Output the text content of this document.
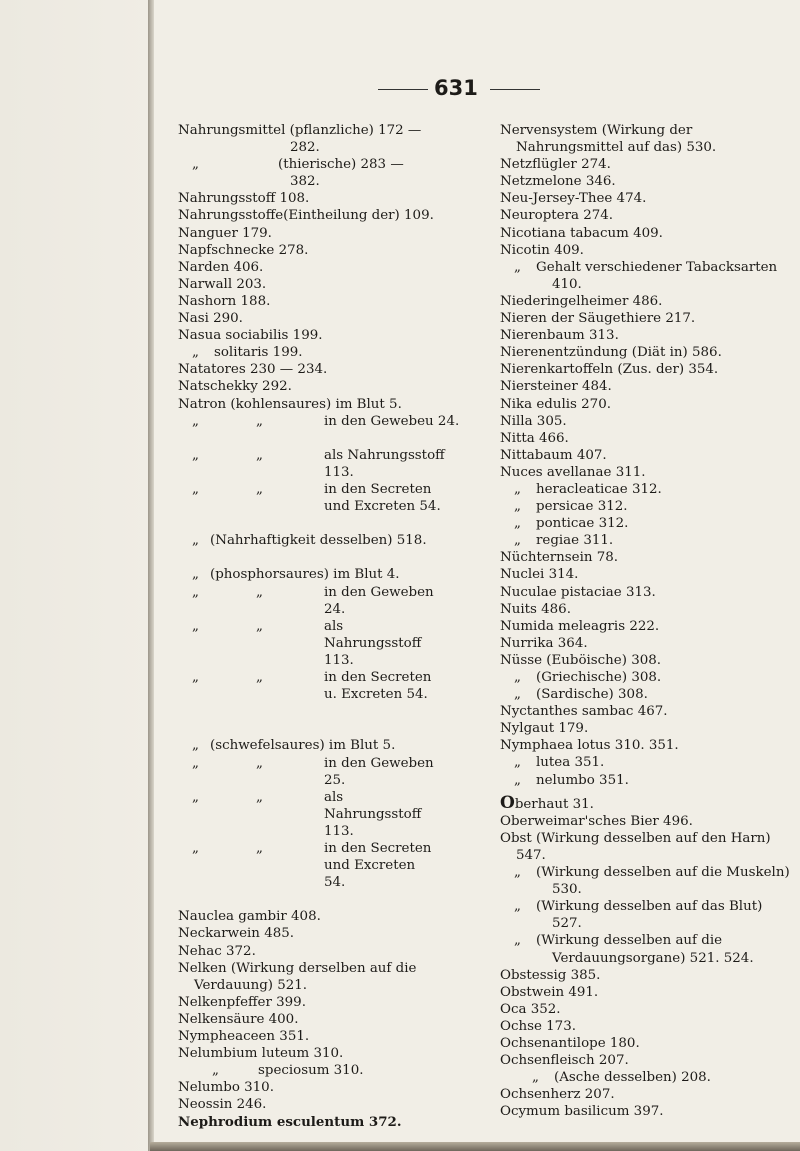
631
Nahrungsmittel (pflanzliche) 172 —
282.
„	(thierische) 283 —
382.
Nahrungsstoff 108.
Nahrungsstoffe(Eintheilung der) 109.
Nanguer 179.
Napfschnecke 278.
Narden 406.
Narwall 203.
Nashorn 188.
Nasi 290.
Nasua sociabilis 199.
„ solitaris 199.
Natatores 230 — 234.
Natschekky 292.
Natron (kohlensaures) im Blut 5.
„	„	in den Gewebeu 24.
„	„	als Nahrungsstoff 113.
„	„	in den Secreten und Excreten 54.
„ (Nahrhaftigkeit desselben) 518.
„ (phosphorsaures) im Blut 4.
„	„	in den Geweben 24.
„	„	als Nahrungsstoff 113.
„	„	in den Secreten u. Excreten 54.
„ (schwefelsaures) im Blut 5.
„	„	in den Geweben 25.
„	„	als Nahrungsstoff 113.
„	„	in den Secreten und Excreten 54.
Nauclea gambir 408.
Neckarwein 485.
Nehac 372.
Nelken (Wirkung derselben auf die Verdauung) 521.
Nelkenpfeffer 399.
Nelkensäure 400.
Nympheaceen 351.
Nelumbium luteum 310.
„	speciosum 310.
Nelumbo 310.
Neossin 246.
Nephrodium esculentum 372.
Nervensystem (Wirkung der Nahrungsmittel auf das) 530.
Netzflügler 274.
Netzmelone 346.
Neu-Jersey-Thee 474.
Neuroptera 274.
Nicotiana tabacum 409.
Nicotin 409.
„	Gehalt verschiedener Tabacksarten 410.
Niederingelheimer 486.
Nieren der Säugethiere 217.
Nierenbaum 313.
Nierenentzündung (Diät in) 586.
Nierenkartoffeln (Zus. der) 354.
Niersteiner 484.
Nika edulis 270.
Nilla 305.
Nitta 466.
Nittabaum 407.
Nuces avellanae 311.
„ heracleaticae 312.
„ persicae 312.
„ ponticae 312.
„ regiae 311.
Nüchternsein 78.
Nuclei 314.
Nuculae pistaciae 313.
Nuits 486.
Numida meleagris 222.
Nurrika 364.
Nüsse (Euböische) 308.
„ (Griechische) 308.
„ (Sardische) 308.
Nyctanthes sambac 467.
Nylgaut 179.
Nymphaea lotus 310. 351.
„ lutea 351.
„ nelumbo 351.
Oberhaut 31.
Oberweimar'sches Bier 496.
Obst (Wirkung desselben auf den Harn) 547.
„	(Wirkung desselben auf die Muskeln) 530.
„	(Wirkung desselben auf das Blut) 527.
„	(Wirkung desselben auf die Verdauungsorgane) 521. 524.
Obstessig 385.
Obstwein 491.
Oca 352.
Ochse 173.
Ochsenantilope 180.
Ochsenfleisch 207.
„ (Asche desselben) 208.
Ochsenherz 207.
Ocymum basilicum 397.
